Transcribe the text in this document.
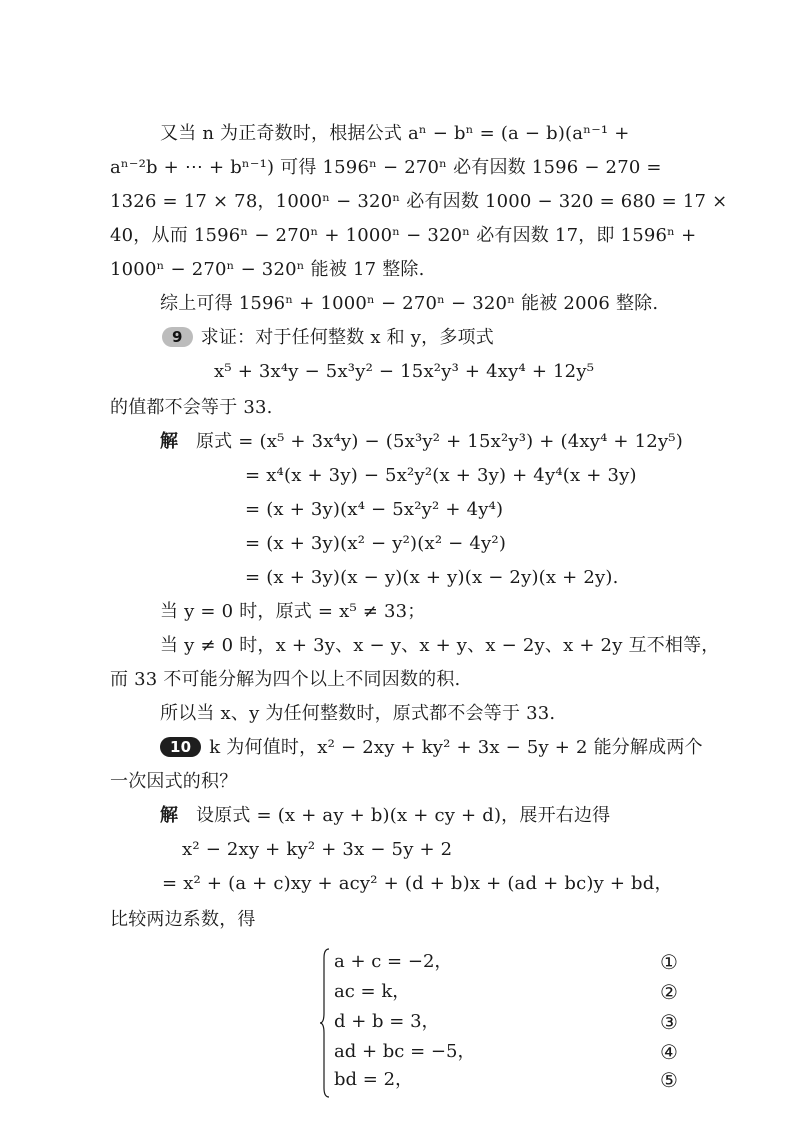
又当 n 为正奇数时，根据公式 aⁿ − bⁿ = (a − b)(aⁿ⁻¹ +
aⁿ⁻²b + ⋯ + bⁿ⁻¹) 可得 1596ⁿ − 270ⁿ 必有因数 1596 − 270 =
1326 = 17 × 78，1000ⁿ − 320ⁿ 必有因数 1000 − 320 = 680 = 17 ×
40，从而 1596ⁿ − 270ⁿ + 1000ⁿ − 320ⁿ 必有因数 17，即 1596ⁿ +
1000ⁿ − 270ⁿ − 320ⁿ 能被 17 整除.
综上可得 1596ⁿ + 1000ⁿ − 270ⁿ − 320ⁿ 能被 2006 整除.
9 求证：对于任何整数 x 和 y，多项式
x⁵ + 3x⁴y − 5x³y² − 15x²y³ + 4xy⁴ + 12y⁵
的值都不会等于 33.
解 原式 = (x⁵ + 3x⁴y) − (5x³y² + 15x²y³) + (4xy⁴ + 12y⁵)
= x⁴(x + 3y) − 5x²y²(x + 3y) + 4y⁴(x + 3y)
= (x + 3y)(x⁴ − 5x²y² + 4y⁴)
= (x + 3y)(x² − y²)(x² − 4y²)
= (x + 3y)(x − y)(x + y)(x − 2y)(x + 2y).
当 y = 0 时，原式 = x⁵ ≠ 33；
当 y ≠ 0 时，x + 3y、x − y、x + y、x − 2y、x + 2y 互不相等，
而 33 不可能分解为四个以上不同因数的积.
所以当 x、y 为任何整数时，原式都不会等于 33.
10 k 为何值时，x² − 2xy + ky² + 3x − 5y + 2 能分解成两个
一次因式的积？
解 设原式 = (x + ay + b)(x + cy + d)，展开右边得
x² − 2xy + ky² + 3x − 5y + 2
= x² + (a + c)xy + acy² + (d + b)x + (ad + bc)y + bd，
比较两边系数，得
a + c = −2，	①
ac = k，	②
d + b = 3，	③
ad + bc = −5，	④
bd = 2，	⑤
